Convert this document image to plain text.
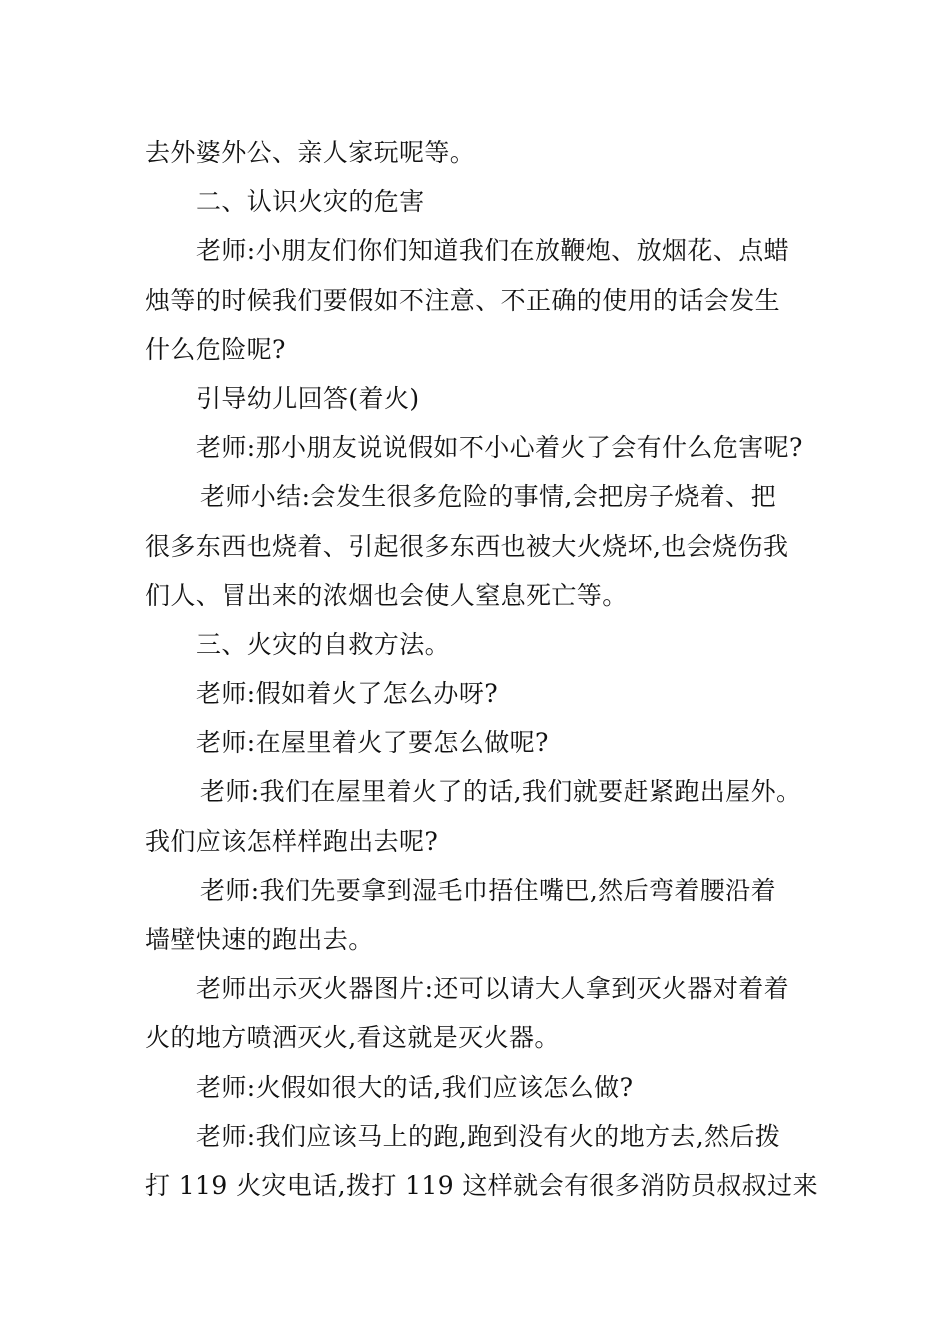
去外婆外公、亲人家玩呢等。
二、认识火灾的危害
老师:小朋友们你们知道我们在放鞭炮、放烟花、点蜡
烛等的时候我们要假如不注意、不正确的使用的话会发生
什么危险呢?
引导幼儿回答(着火)
老师:那小朋友说说假如不小心着火了会有什么危害呢?
老师小结:会发生很多危险的事情,会把房子烧着、把
很多东西也烧着、引起很多东西也被大火烧坏,也会烧伤我
们人、冒出来的浓烟也会使人窒息死亡等。
三、火灾的自救方法。
老师:假如着火了怎么办呀?
老师:在屋里着火了要怎么做呢?
老师:我们在屋里着火了的话,我们就要赶紧跑出屋外。
我们应该怎样样跑出去呢?
老师:我们先要拿到湿毛巾捂住嘴巴,然后弯着腰沿着
墙壁快速的跑出去。
老师出示灭火器图片:还可以请大人拿到灭火器对着着
火的地方喷洒灭火,看这就是灭火器。
老师:火假如很大的话,我们应该怎么做?
老师:我们应该马上的跑,跑到没有火的地方去,然后拨
打 119 火灾电话,拨打 119 这样就会有很多消防员叔叔过来
